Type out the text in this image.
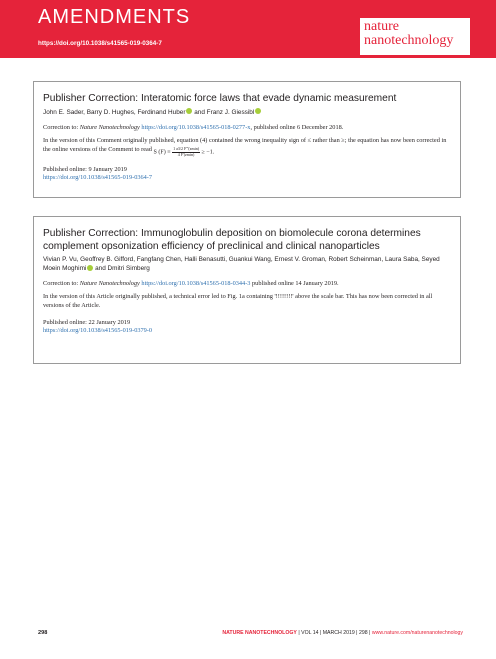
AMENDMENTS
https://doi.org/10.1038/s41565-019-0364-7
nature
nanotechnology
Publisher Correction: Interatomic force laws that evade dynamic measurement

John E. Sader, Barry D. Hughes, Ferdinand Huber and Franz J. Giessibl

Correction to: Nature Nanotechnology https://doi.org/10.1038/s41565-018-0277-x, published online 6 December 2018.

In the version of this Comment originally published, equation (4) contained the wrong inequality sign of ≤ rather than ≥; the equation has now been corrected in the online versions of the Comment to read S $(F) \equiv \frac{1 a3/2 F'''(zmin)}{4 F'(zmin)} \ge -1$.

Published online: 9 January 2019

https://doi.org/10.1038/s41565-019-0364-7

Publisher Correction: Immunoglobulin deposition on biomolecule corona determines complement opsonization efficiency of preclinical and clinical nanoparticles

Vivian P. Vu, Geoffrey B. Gifford, Fangfang Chen, Halli Benasutti, Guankui Wang, Ernest V. Groman, Robert Scheinman, Laura Saba, Seyed Moein Moghimi and Dmitri Simberg

Correction to: Nature Nanotechnology https://doi.org/10.1038/s41565-018-0344-3 published online 14 January 2019.

In the version of this Article originally published, a technical error led to Fig. 1a containing '!!!!!!!!' above the scale bar. This has now been corrected in all versions of the Article.

Published online: 22 January 2019

https://doi.org/10.1038/s41565-019-0379-0

298	NATURE NANOTECHNOLOGY | VOL 14 | MARCH 2019 | 298 | www.nature.com/naturenanotechnology
